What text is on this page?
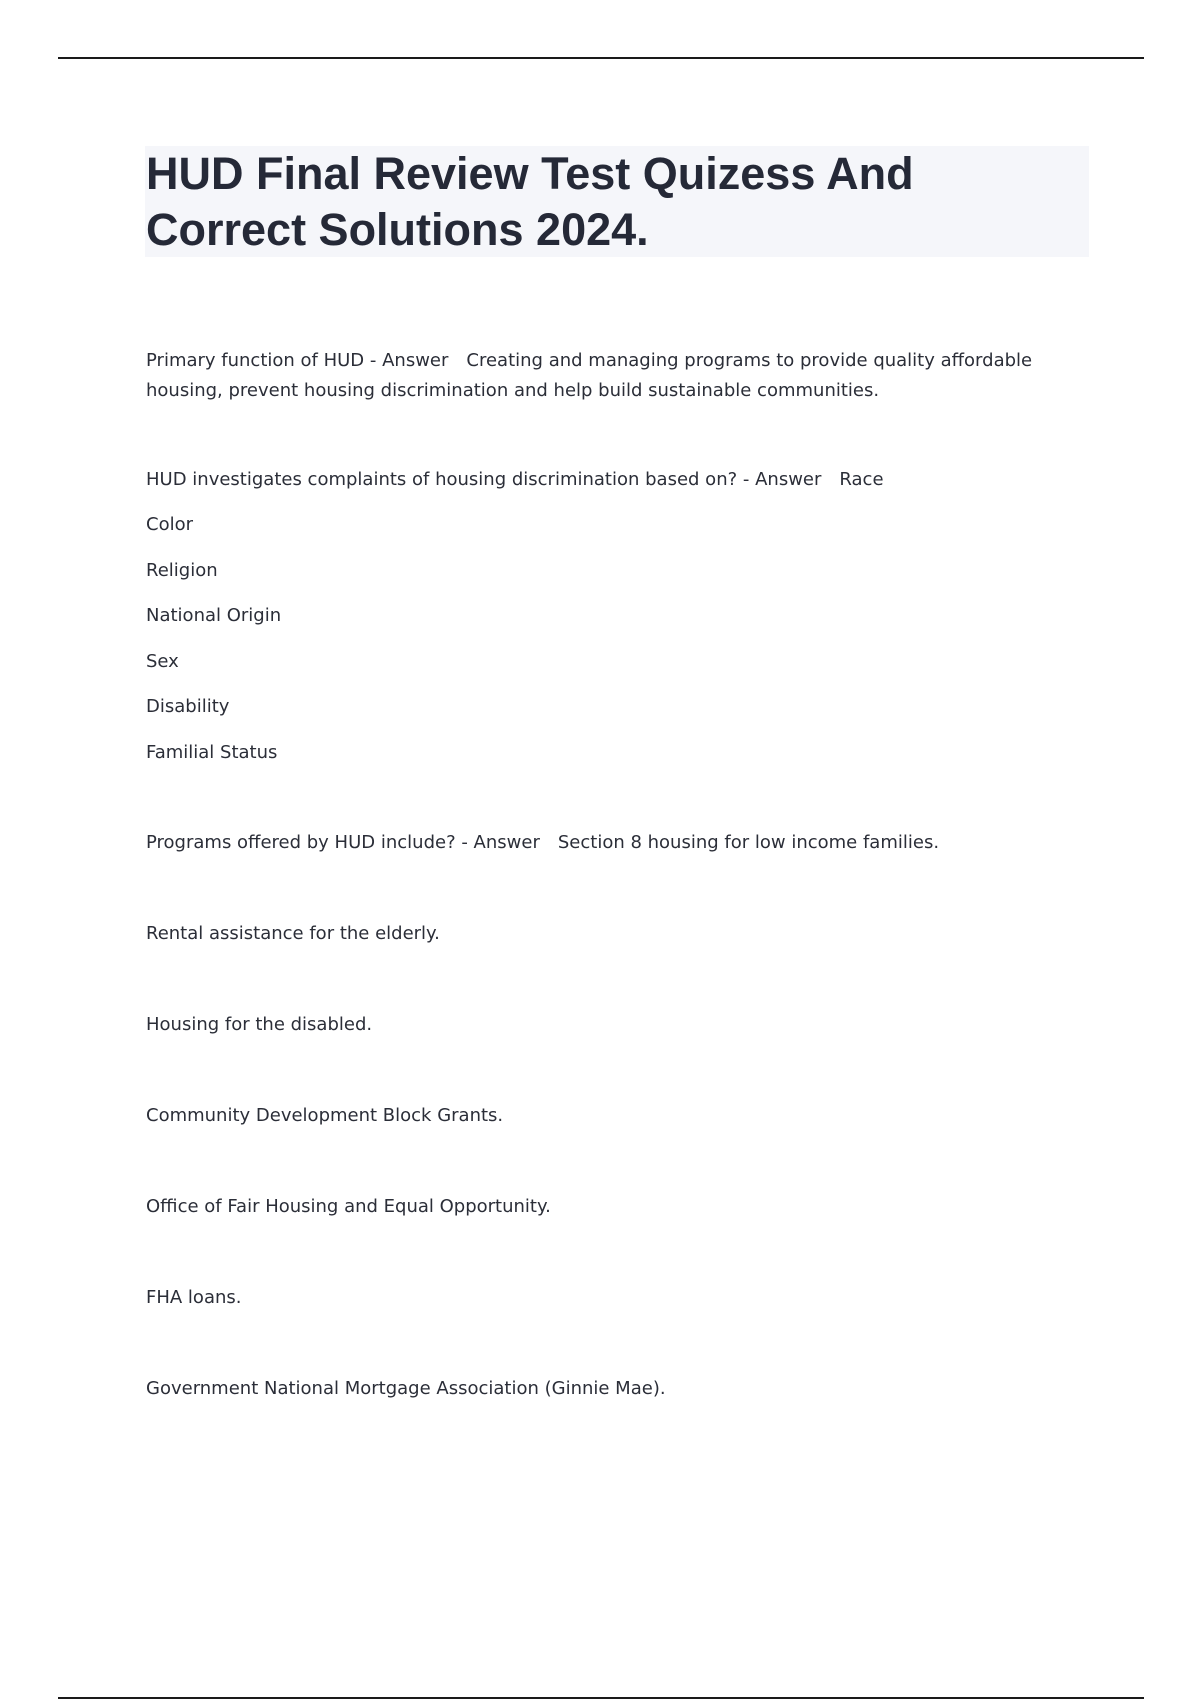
HUD Final Review Test Quizess And Correct Solutions 2024.

Primary function of HUD - Answer Creating and managing programs to provide quality affordable housing, prevent housing discrimination and help build sustainable communities.

HUD investigates complaints of housing discrimination based on? - Answer Race

Color

Religion

National Origin

Sex

Disability

Familial Status

Programs offered by HUD include? - Answer Section 8 housing for low income families.

Rental assistance for the elderly.

Housing for the disabled.

Community Development Block Grants.

Office of Fair Housing and Equal Opportunity.

FHA loans.

Government National Mortgage Association (Ginnie Mae).
